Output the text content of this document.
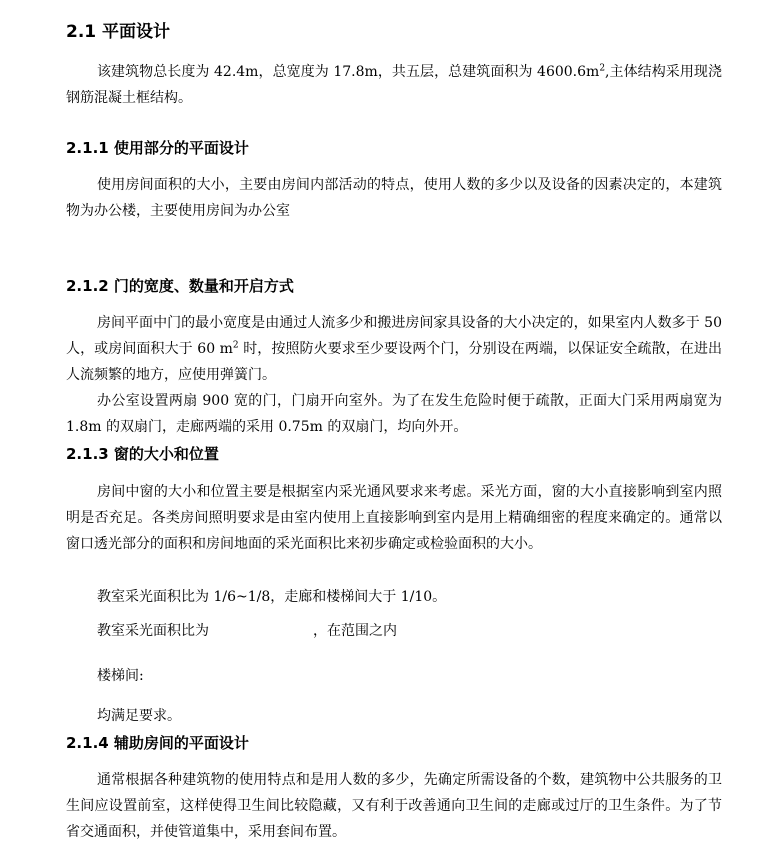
2.1 平面设计

该建筑物总长度为 42.4m，总宽度为 17.8m，共五层，总建筑面积为 $4600.6m^2$,主体结构采用现浇钢筋混凝土框结构。

2.1.1 使用部分的平面设计

使用房间面积的大小，主要由房间内部活动的特点，使用人数的多少以及设备的因素决定的，本建筑物为办公楼，主要使用房间为办公室

2.1.2 门的宽度、数量和开启方式

房间平面中门的最小宽度是由通过人流多少和搬进房间家具设备的大小决定的，如果室内人数多于 50 人，或房间面积大于 60 $m^2$ 时，按照防火要求至少要设两个门，分别设在两端，以保证安全疏散，在进出人流频繁的地方，应使用弹簧门。

办公室设置两扇 900 宽的门，门扇开向室外。为了在发生危险时便于疏散，正面大门采用两扇宽为 1.8m 的双扇门，走廊两端的采用 0.75m 的双扇门，均向外开。

2.1.3 窗的大小和位置

房间中窗的大小和位置主要是根据室内采光通风要求来考虑。采光方面，窗的大小直接影响到室内照明是否充足。各类房间照明要求是由室内使用上直接影响到室内是用上精确细密的程度来确定的。通常以窗口透光部分的面积和房间地面的采光面积比来初步确定或检验面积的大小。

教室采光面积比为 1/6~1/8，走廊和楼梯间大于 1/10。

教室采光面积比为	，在范围之内

楼梯间:

均满足要求。

2.1.4 辅助房间的平面设计

通常根据各种建筑物的使用特点和是用人数的多少，先确定所需设备的个数，建筑物中公共服务的卫生间应设置前室，这样使得卫生间比较隐藏，又有利于改善通向卫生间的走廊或过厅的卫生条件。为了节省交通面积，并使管道集中，采用套间布置。
